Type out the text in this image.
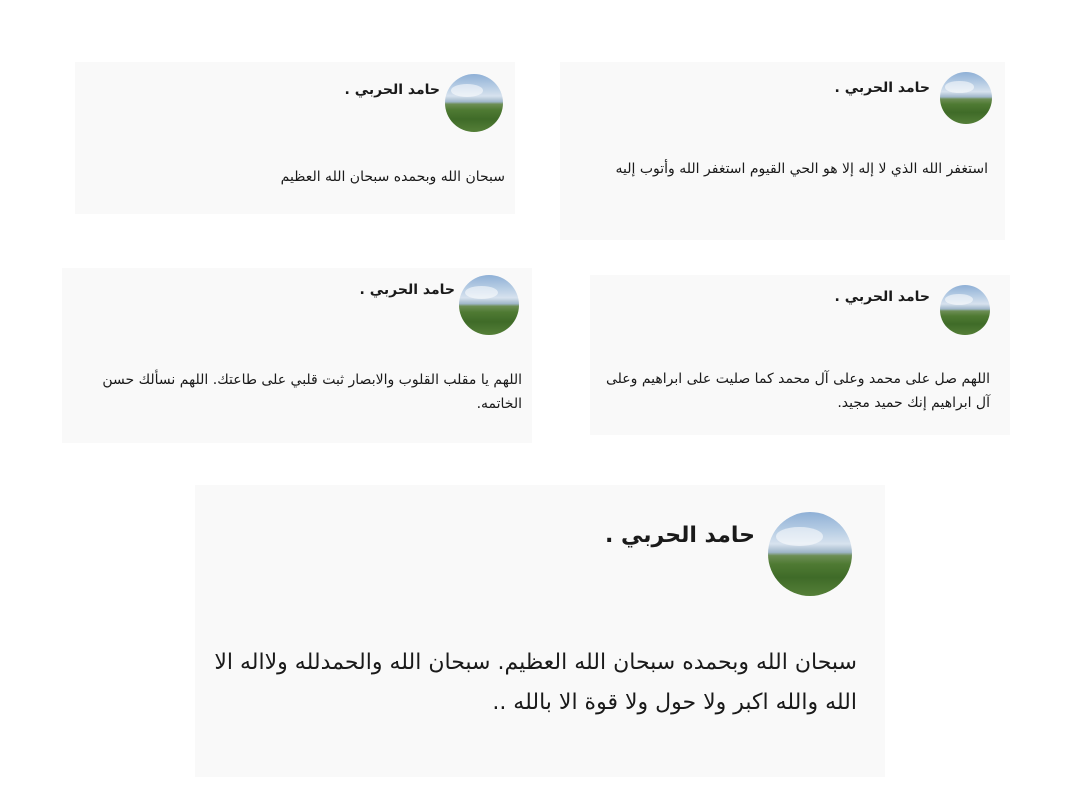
حامد الحربي .
استغفر الله الذي لا إله إلا هو الحي القيوم استغفر الله وأتوب إليه
حامد الحربي .
سبحان الله وبحمده سبحان الله العظيم
حامد الحربي .
اللهم صل على محمد وعلى آل محمد كما صليت على ابراهيم وعلى آل ابراهيم إنك حميد مجيد.
حامد الحربي .
اللهم يا مقلب القلوب والابصار ثبت قلبي على طاعتك. اللهم نسألك حسن الخاتمه.
حامد الحربي .
سبحان الله وبحمده سبحان الله العظيم. سبحان الله والحمدلله ولااله الا الله والله اكبر ولا حول ولا قوة الا بالله ..
